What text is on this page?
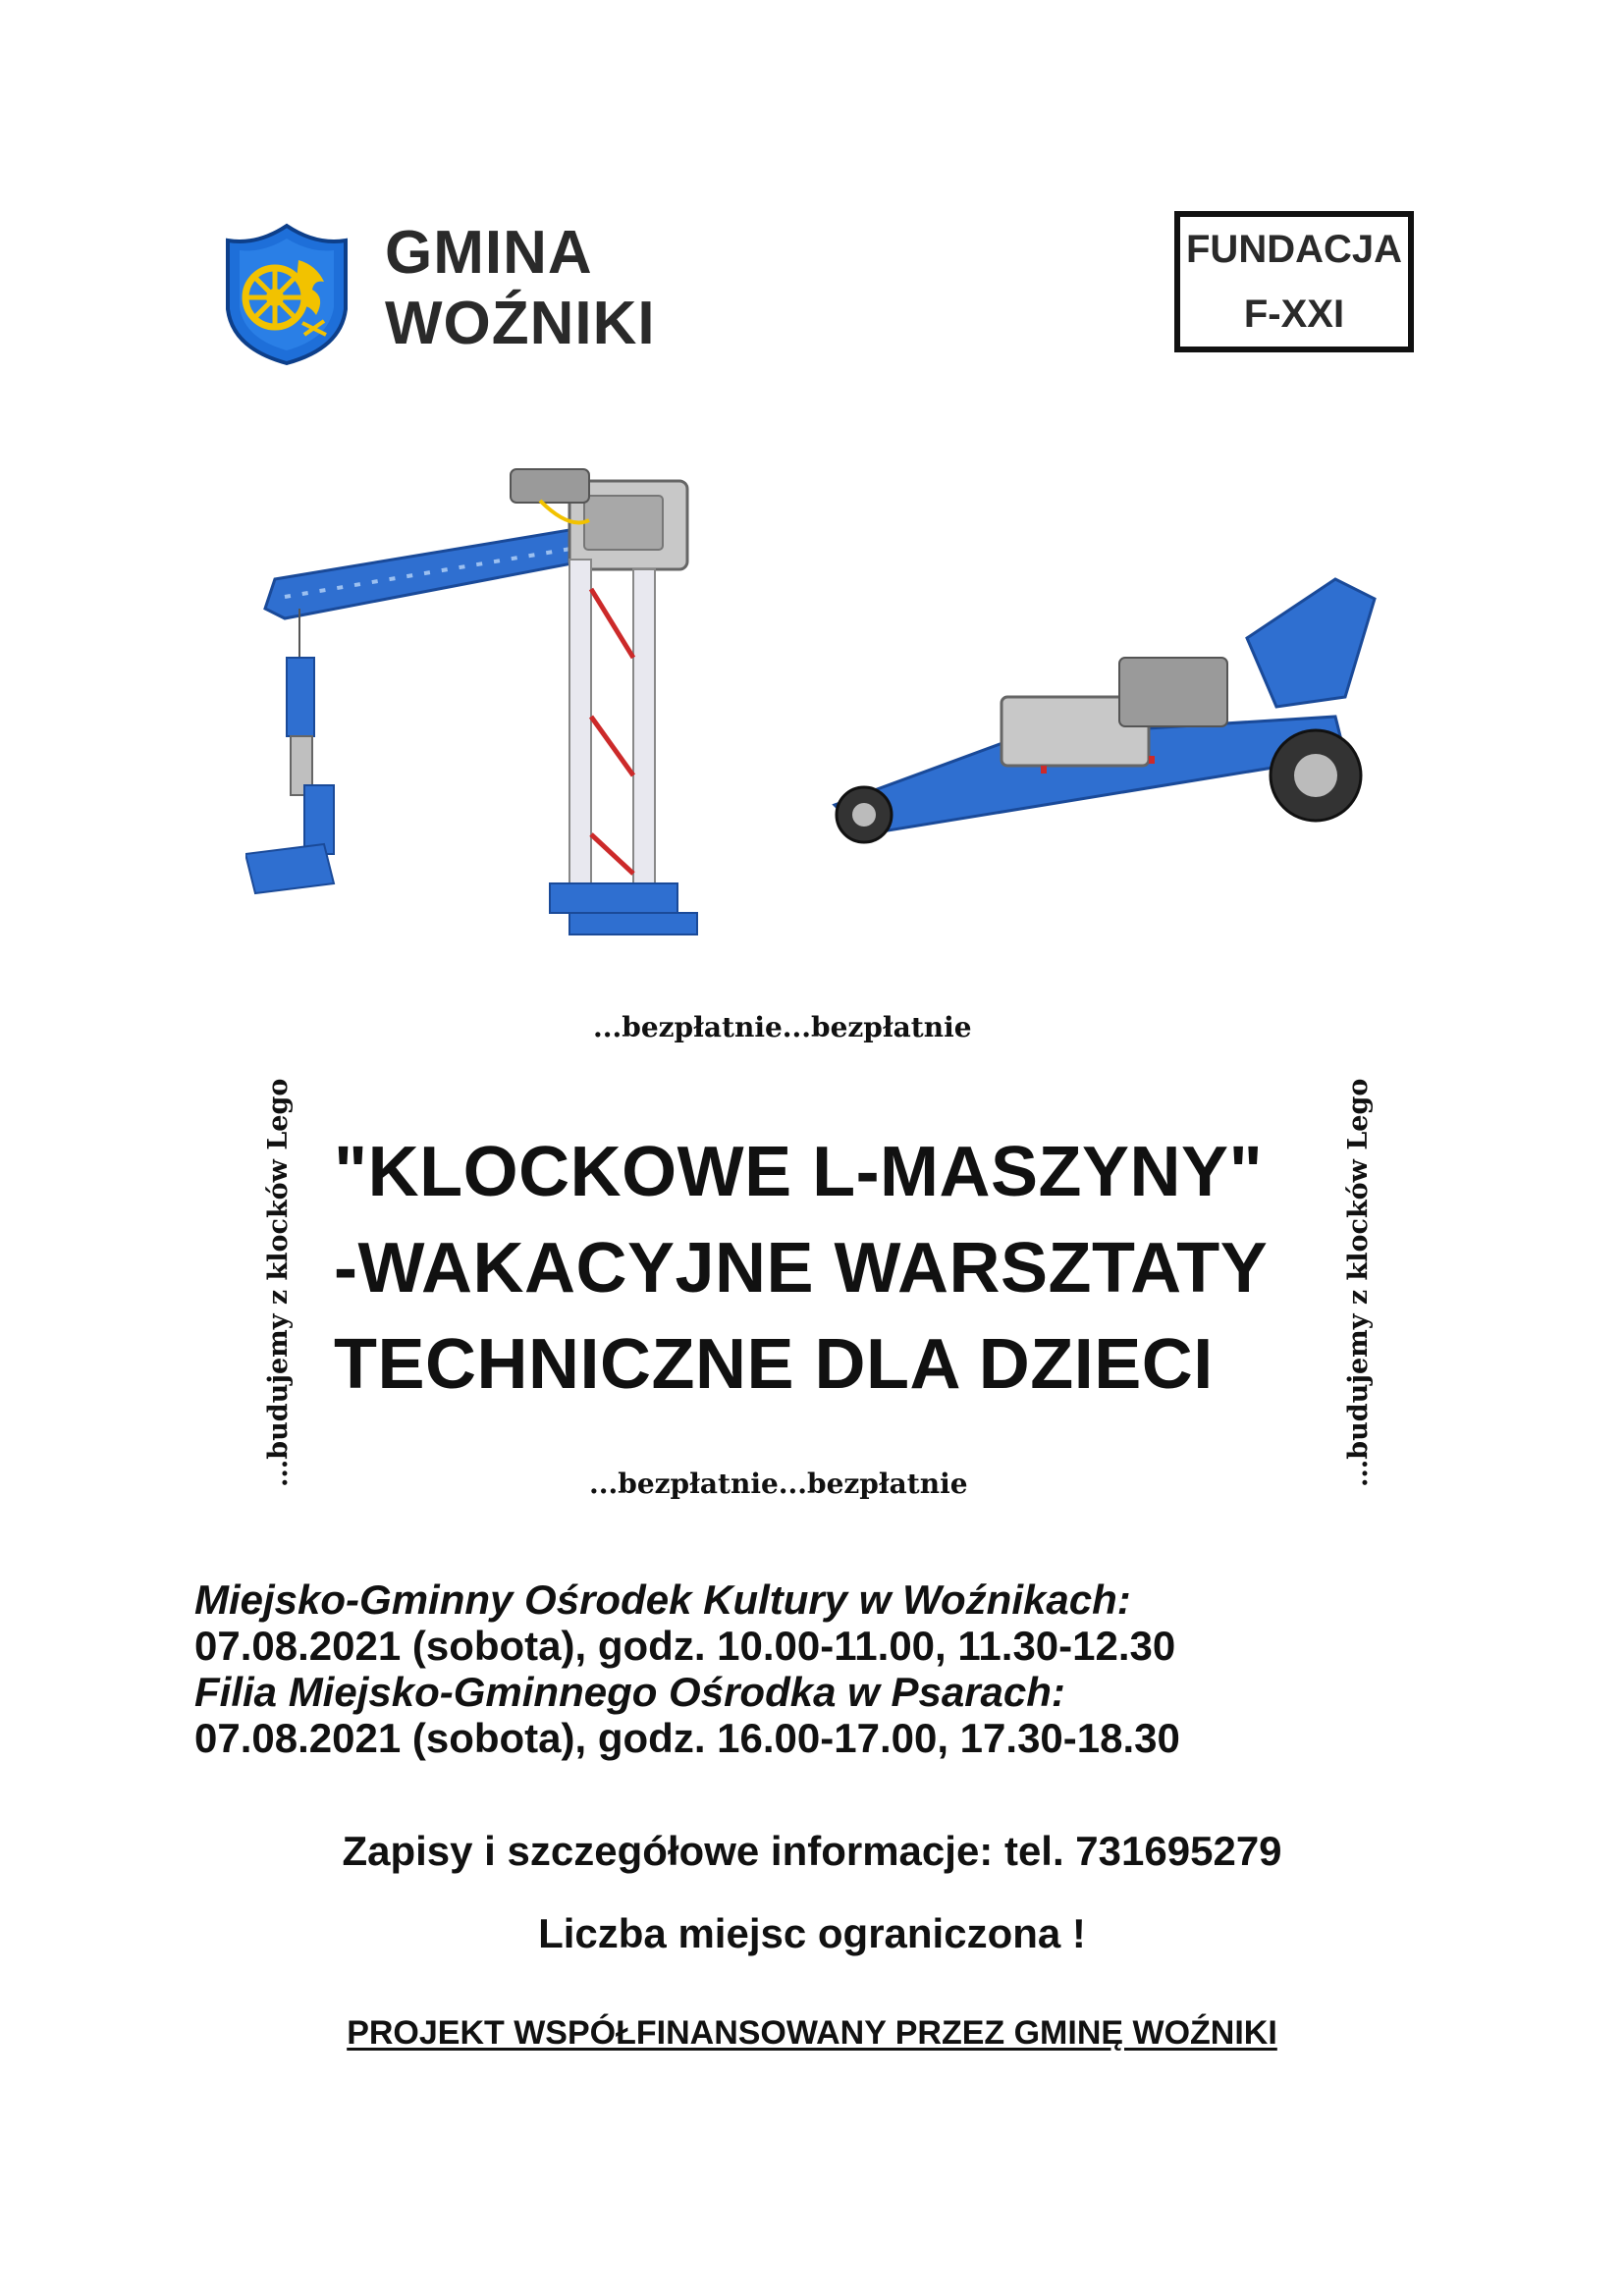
GMINA
WOŹNIKI
FUNDACJA
F-XXI
...bezpłatnie...bezpłatnie
...bezpłatnie...bezpłatnie
...budujemy z klocków Lego	...budujemy z klocków Lego
"KLOCKOWE L-MASZYNY"
-WAKACYJNE WARSZTATY
TECHNICZNE DLA DZIECI
Miejsko-Gminny Ośrodek Kultury w Woźnikach:
07.08.2021 (sobota), godz. 10.00-11.00, 11.30-12.30
Filia Miejsko-Gminnego Ośrodka w Psarach:
07.08.2021 (sobota), godz. 16.00-17.00, 17.30-18.30
Zapisy i szczegółowe informacje: tel. 731695279
Liczba miejsc ograniczona !
PROJEKT WSPÓŁFINANSOWANY PRZEZ GMINĘ WOŹNIKI
